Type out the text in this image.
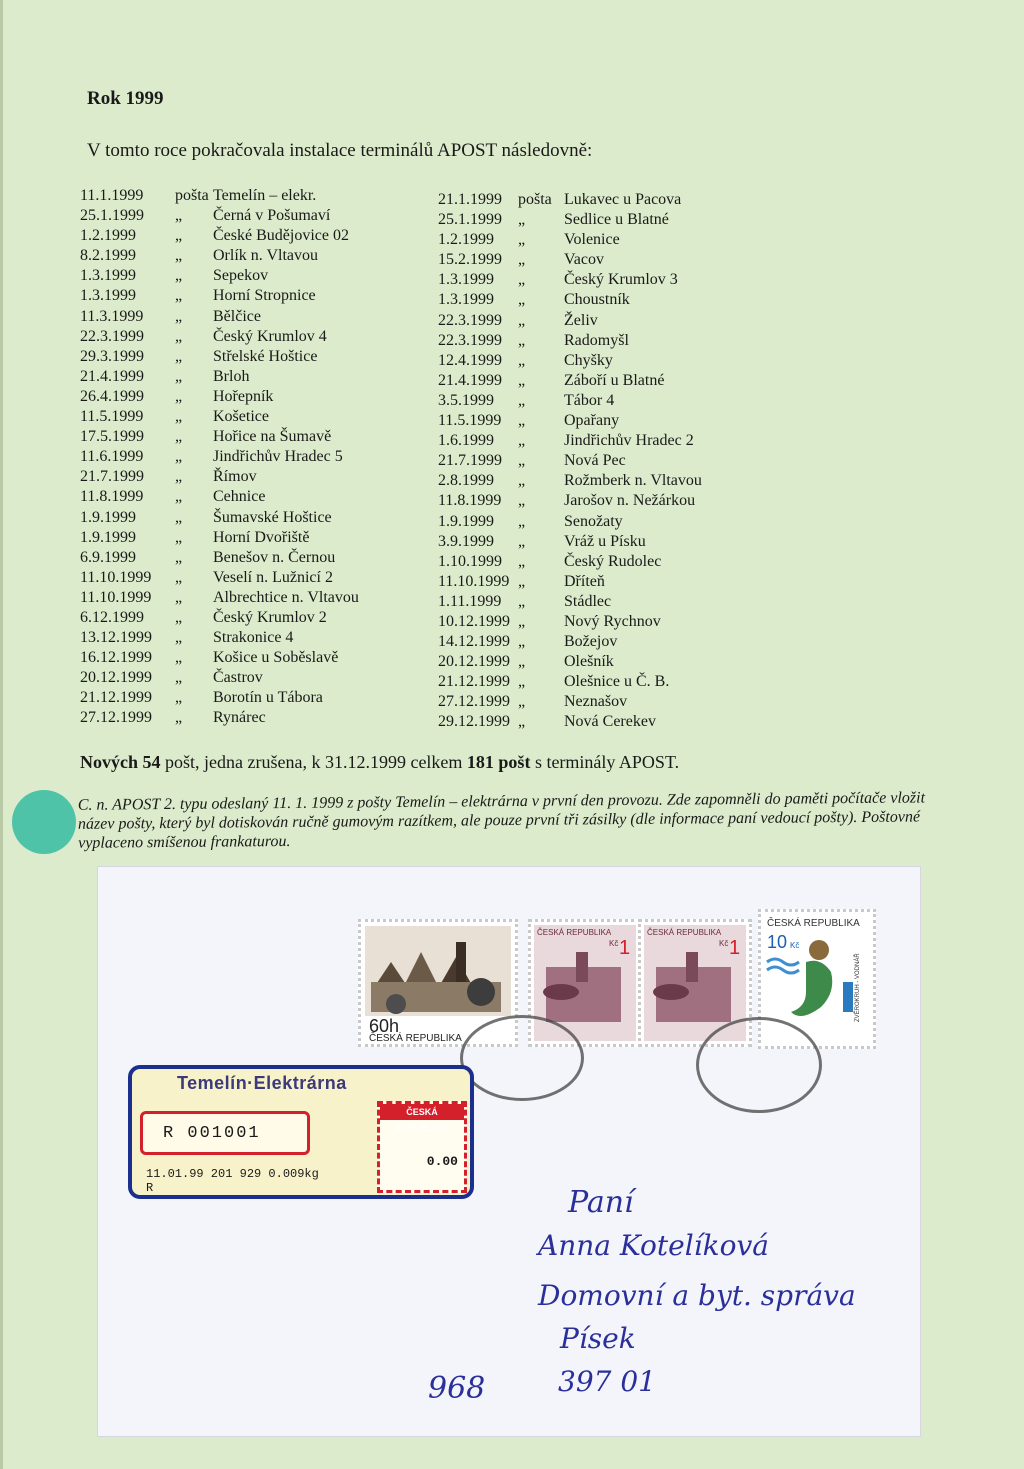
Rok 1999
V tomto roce pokračovala instalace terminálů APOST následovně:
11.1.1999	pošta Temelín – elekr.
25.1.1999	„	Černá v Pošumaví
1.2.1999	„	České Budějovice 02
8.2.1999	„	Orlík n. Vltavou
1.3.1999	„	Sepekov
1.3.1999	„	Horní Stropnice
11.3.1999	„	Bělčice
22.3.1999	„	Český Krumlov 4
29.3.1999	„	Střelské Hoštice
21.4.1999	„	Brloh
26.4.1999	„	Hořepník
11.5.1999	„	Košetice
17.5.1999	„	Hořice na Šumavě
11.6.1999	„	Jindřichův Hradec 5
21.7.1999	„	Římov
11.8.1999	„	Cehnice
1.9.1999	„	Šumavské Hoštice
1.9.1999	„	Horní Dvořiště
6.9.1999	„	Benešov n. Černou
11.10.1999	„	Veselí n. Lužnicí 2
11.10.1999	„	Albrechtice n. Vltavou
6.12.1999	„	Český Krumlov 2
13.12.1999	„	Strakonice 4
16.12.1999	„	Košice u Soběslavě
20.12.1999	„	Častrov
21.12.1999	„	Borotín u Tábora
27.12.1999	„	Rynárec
21.1.1999	pošta Lukavec u Pacova
25.1.1999	„	Sedlice u Blatné
1.2.1999	„	Volenice
15.2.1999	„	Vacov
1.3.1999	„	Český Krumlov 3
1.3.1999	„	Choustník
22.3.1999	„	Želiv
22.3.1999	„	Radomyšl
12.4.1999	„	Chyšky
21.4.1999	„	Záboří u Blatné
3.5.1999	„	Tábor 4
11.5.1999	„	Opařany
1.6.1999	„	Jindřichův Hradec 2
21.7.1999	„	Nová Pec
2.8.1999	„	Rožmberk n. Vltavou
11.8.1999	„	Jarošov n. Nežárkou
1.9.1999	„	Senožaty
3.9.1999	„	Vráž u Písku
1.10.1999	„	Český Rudolec
11.10.1999 „	Dříteň
1.11.1999	„	Stádlec
10.12.1999 „	Nový Rychnov
14.12.1999 „	Božejov
20.12.1999 „	Olešník
21.12.1999 „	Olešnice u Č. B.
27.12.1999 „	Neznašov
29.12.1999 „	Nová Cerekev
Nových 54 pošt, jedna zrušena, k 31.12.1999 celkem 181 pošt s terminály APOST.
C. n. APOST 2. typu odeslaný 11. 1. 1999 z pošty Temelín – elektrárna v první den provozu. Zde zapomněli do paměti počítače vložit název pošty, který byl dotiskován ručně gumovým razítkem, ale pouze první tři zásilky (dle informace paní vedoucí pošty). Poštovné vyplaceno smíšenou frankaturou.
60h
ČESKÁ REPUBLIKA
ČESKÁ REPUBLIKA
Kč 1
ČESKÁ REPUBLIKA
Kč 1
ČESKÁ REPUBLIKA
10 Kč
ZVĚROKRUH - VODNÁŘ
Temelín·Elektrárna
R 001001
11.01.99 201 929 0.009kg
R
ČESKÁ REPUBLIKA
0.00
Paní
Anna Kotelíková
Domovní a byt. správa
Písek
397 01
968
